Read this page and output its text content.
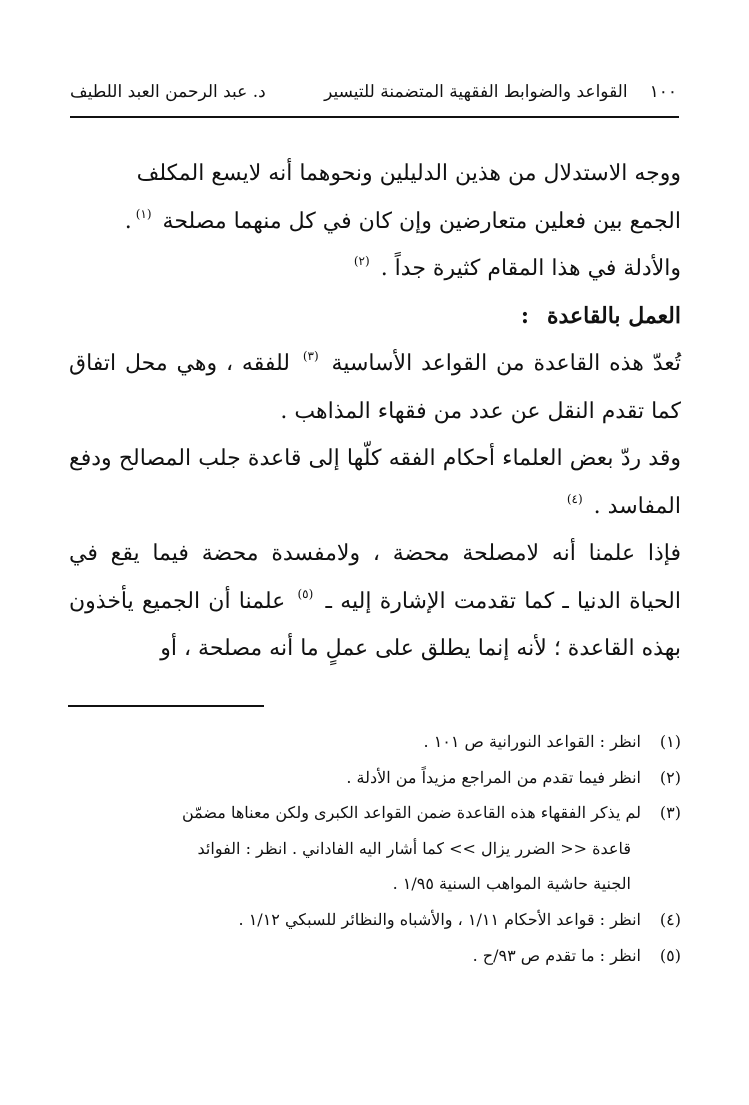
١٠٠
القواعد والضوابط الفقهية المتضمنة للتيسير
د. عبد الرحمن العبد اللطيف

ووجه الاستدلال من هذين الدليلين ونحوهما أنه لايسع المكلف
الجمع بين فعلين متعارضين وإن كان في كل منهما مصلحة $^{(١)}$.

والأدلة في هذا المقام كثيرة جداً . $^{(٢)}$

العمل بالقاعدة:

تُعدّ هذه القاعدة من القواعد الأساسية $^{(٣)}$ للفقه ، وهي محل اتفاق كما تقدم النقل عن عدد من فقهاء المذاهب .

وقد ردّ بعض العلماء أحكام الفقه كلّها إلى قاعدة جلب المصالح ودفع المفاسد . $^{(٤)}$

فإذا علمنا أنه لامصلحة محضة ، ولامفسدة محضة فيما يقع في الحياة الدنيا ـ كما تقدمت الإشارة إليه ـ $^{(٥)}$ علمنا أن الجميع يأخذون بهذه القاعدة ؛ لأنه إنما يطلق على عملٍ ما أنه مصلحة ، أو

(١)
انظر : القواعد النورانية ص ١٠١ .

(٢)
انظر فيما تقدم من المراجع مزيداً من الأدلة .

(٣)
لم يذكر الفقهاء هذه القاعدة ضمن القواعد الكبرى ولكن معناها مضمّن
قاعدة << الضرر يزال >> كما أشار اليه الفاداني . انظر : الفوائد
الجنية حاشية المواهب السنية ١/٩٥ .

(٤)
انظر : قواعد الأحكام ١/١١ ، والأشباه والنظائر للسبكي ١/١٢ .

(٥)
انظر : ما تقدم ص ٩٣/ح .
